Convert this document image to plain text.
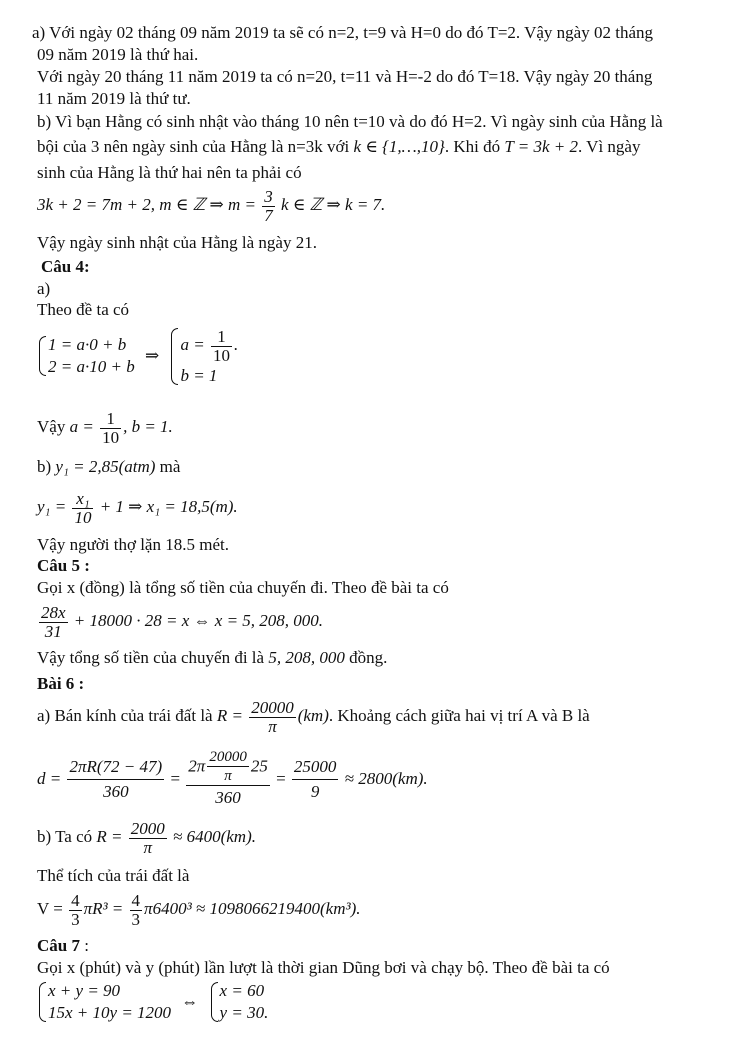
a) Với ngày 02 tháng 09 năm 2019 ta sẽ có n=2, t=9 và H=0 do đó T=2. Vậy ngày 02 tháng
09 năm 2019 là thứ hai.
Với ngày 20 tháng 11 năm 2019 ta có n=20, t=11 và H=-2 do đó T=18. Vậy ngày 20 tháng
11 năm 2019 là thứ tư.
b) Vì bạn Hằng có sinh nhật vào tháng 10 nên t=10 và do đó H=2. Vì ngày sinh của Hằng là
bội của 3 nên ngày sinh của Hằng là n=3k với k ∈ {1,…,10}. Khi đó T = 3k + 2. Vì ngày
sinh của Hằng là thứ hai nên ta phải có
3k + 2 = 7m + 2, m ∈ ℤ ⇒ $m = \frac{3}{7}$ k ∈ ℤ ⇒ k = 7.
Vậy ngày sinh nhật của Hằng là ngày 21.
Câu 4:
a)
Theo đề ta có
1 = a·0 + b
2 = a·10 + b
⇒
$a = \frac{1}{10}$ .
b = 1
Vậy $a = \frac{1}{10}$ , b = 1.
b) y₁ = 2,85(atm) mà
$y_1 = \frac{\text{x₁}}{10} + 1$ ⇒ x₁ = 18,5(m).
Vậy người thợ lặn 18.5 mét.
Câu 5 :
Gọi x (đồng) là tổng số tiền của chuyến đi. Theo đề bài ta có
$\frac{28x}{31} + 18000 \cdot 28 = x$ ⇔ x = 5, 208, 000.
Vậy tổng số tiền của chuyến đi là 5, 208, 000 đồng.
Bài 6 :
a) Bán kính của trái đất là $R = \frac{20000}{\pi} (km)$. Khoảng cách giữa hai vị trí A và B là
$d = \frac{2\pi R(72 - 47)}{360} = \frac{2\pi \frac{20000}{\pi} 25}{360} = \frac{25000}{9} \approx 2800(km)$.
b) Ta có $R = \frac{2000}{\pi} \approx 6400(km)$.
Thể tích của trái đất là
$V = \frac{4}{3} \pi R^3 = \frac{4}{3} \pi 6400^3 \approx 1098066219400(km^3)$.
Câu 7 :
Gọi x (phút) và y (phút) lần lượt là thời gian Dũng bơi và chạy bộ. Theo đề bài ta có
x + y = 90
15x + 10y = 1200
⇔
x = 60
y = 30.
